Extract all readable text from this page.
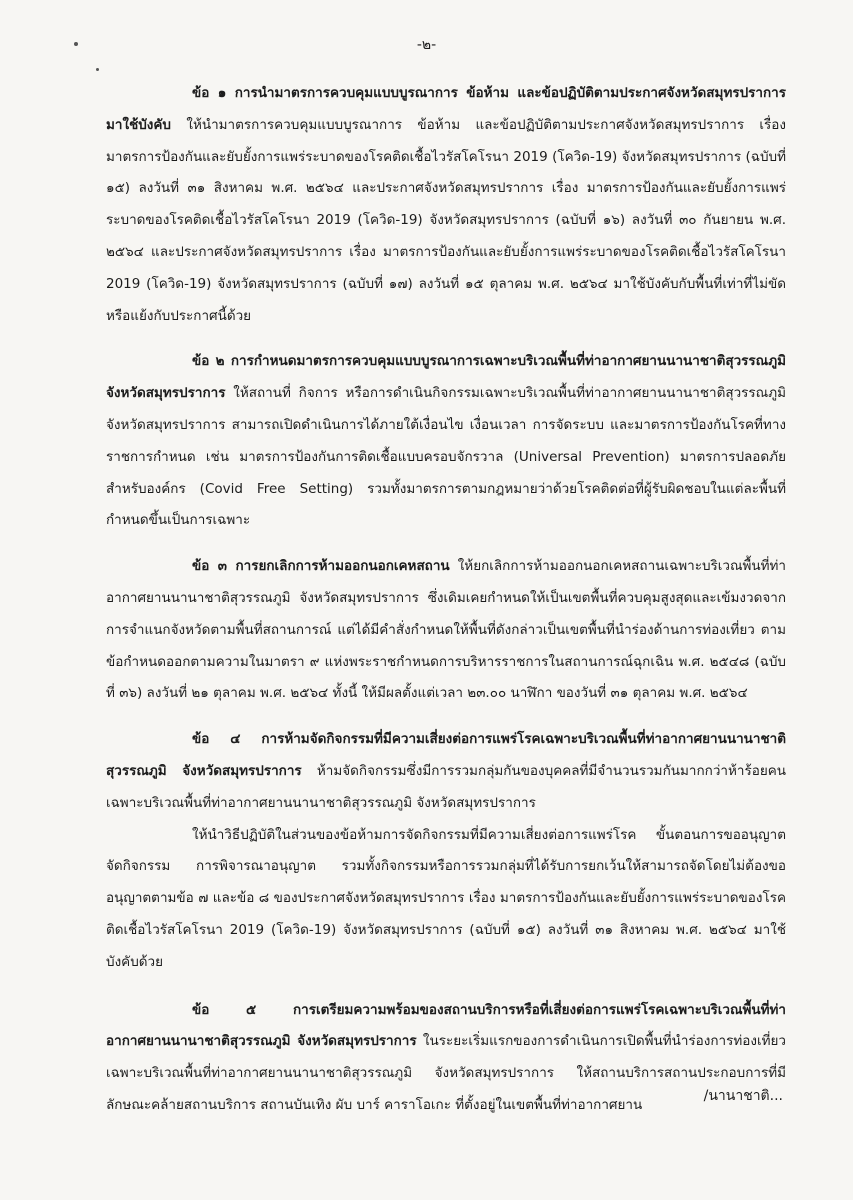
-๒-

ข้อ ๑ การนำมาตรการควบคุมแบบบูรณาการ ข้อห้าม และข้อปฏิบัติตามประกาศจังหวัดสมุทรปราการมาใช้บังคับ ให้นำมาตรการควบคุมแบบบูรณาการ ข้อห้าม และข้อปฏิบัติตามประกาศจังหวัดสมุทรปราการ เรื่อง มาตรการป้องกันและยับยั้งการแพร่ระบาดของโรคติดเชื้อไวรัสโคโรนา 2019 (โควิด-19) จังหวัดสมุทรปราการ (ฉบับที่ ๑๕) ลงวันที่ ๓๑ สิงหาคม พ.ศ. ๒๕๖๔ และประกาศจังหวัดสมุทรปราการ เรื่อง มาตรการป้องกันและยับยั้งการแพร่ระบาดของโรคติดเชื้อไวรัสโคโรนา 2019 (โควิด-19) จังหวัดสมุทรปราการ (ฉบับที่ ๑๖) ลงวันที่ ๓๐ กันยายน พ.ศ. ๒๕๖๔ และประกาศจังหวัดสมุทรปราการ เรื่อง มาตรการป้องกันและยับยั้งการแพร่ระบาดของโรคติดเชื้อไวรัสโคโรนา 2019 (โควิด-19) จังหวัดสมุทรปราการ (ฉบับที่ ๑๗) ลงวันที่ ๑๕ ตุลาคม พ.ศ. ๒๕๖๔ มาใช้บังคับกับพื้นที่เท่าที่ไม่ขัดหรือแย้งกับประกาศนี้ด้วย

ข้อ ๒ การกำหนดมาตรการควบคุมแบบบูรณาการเฉพาะบริเวณพื้นที่ท่าอากาศยานนานาชาติสุวรรณภูมิ จังหวัดสมุทรปราการ ให้สถานที่ กิจการ หรือการดำเนินกิจกรรมเฉพาะบริเวณพื้นที่ท่าอากาศยานนานาชาติสุวรรณภูมิ จังหวัดสมุทรปราการ สามารถเปิดดำเนินการได้ภายใต้เงื่อนไข เงื่อนเวลา การจัดระบบ และมาตรการป้องกันโรคที่ทางราชการกำหนด เช่น มาตรการป้องกันการติดเชื้อแบบครอบจักรวาล (Universal Prevention) มาตรการปลอดภัยสำหรับองค์กร (Covid Free Setting) รวมทั้งมาตรการตามกฎหมายว่าด้วยโรคติดต่อที่ผู้รับผิดชอบในแต่ละพื้นที่กำหนดขึ้นเป็นการเฉพาะ

ข้อ ๓ การยกเลิกการห้ามออกนอกเคหสถาน ให้ยกเลิกการห้ามออกนอกเคหสถานเฉพาะบริเวณพื้นที่ท่าอากาศยานนานาชาติสุวรรณภูมิ จังหวัดสมุทรปราการ ซึ่งเดิมเคยกำหนดให้เป็นเขตพื้นที่ควบคุมสูงสุดและเข้มงวดจากการจำแนกจังหวัดตามพื้นที่สถานการณ์ แต่ได้มีคำสั่งกำหนดให้พื้นที่ดังกล่าวเป็นเขตพื้นที่นำร่องด้านการท่องเที่ยว ตามข้อกำหนดออกตามความในมาตรา ๙ แห่งพระราชกำหนดการบริหารราชการในสถานการณ์ฉุกเฉิน พ.ศ. ๒๕๔๘ (ฉบับที่ ๓๖) ลงวันที่ ๒๑ ตุลาคม พ.ศ. ๒๕๖๔ ทั้งนี้ ให้มีผลตั้งแต่เวลา ๒๓.๐๐ นาฬิกา ของวันที่ ๓๑ ตุลาคม พ.ศ. ๒๕๖๔

ข้อ ๔ การห้ามจัดกิจกรรมที่มีความเสี่ยงต่อการแพร่โรคเฉพาะบริเวณพื้นที่ท่าอากาศยานนานาชาติสุวรรณภูมิ จังหวัดสมุทรปราการ ห้ามจัดกิจกรรมซึ่งมีการรวมกลุ่มกันของบุคคลที่มีจำนวนรวมกันมากกว่าห้าร้อยคนเฉพาะบริเวณพื้นที่ท่าอากาศยานนานาชาติสุวรรณภูมิ จังหวัดสมุทรปราการ

ให้นำวิธีปฏิบัติในส่วนของข้อห้ามการจัดกิจกรรมที่มีความเสี่ยงต่อการแพร่โรค ขั้นตอนการขออนุญาตจัดกิจกรรม การพิจารณาอนุญาต รวมทั้งกิจกรรมหรือการรวมกลุ่มที่ได้รับการยกเว้นให้สามารถจัดโดยไม่ต้องขออนุญาตตามข้อ ๗ และข้อ ๘ ของประกาศจังหวัดสมุทรปราการ เรื่อง มาตรการป้องกันและยับยั้งการแพร่ระบาดของโรคติดเชื้อไวรัสโคโรนา 2019 (โควิด-19) จังหวัดสมุทรปราการ (ฉบับที่ ๑๕) ลงวันที่ ๓๑ สิงหาคม พ.ศ. ๒๕๖๔ มาใช้บังคับด้วย

ข้อ ๕ การเตรียมความพร้อมของสถานบริการหรือที่เสี่ยงต่อการแพร่โรคเฉพาะบริเวณพื้นที่ท่าอากาศยานนานาชาติสุวรรณภูมิ จังหวัดสมุทรปราการ ในระยะเริ่มแรกของการดำเนินการเปิดพื้นที่นำร่องการท่องเที่ยวเฉพาะบริเวณพื้นที่ท่าอากาศยานนานาชาติสุวรรณภูมิ จังหวัดสมุทรปราการ ให้สถานบริการสถานประกอบการที่มีลักษณะคล้ายสถานบริการ สถานบันเทิง ผับ บาร์ คาราโอเกะ ที่ตั้งอยู่ในเขตพื้นที่ท่าอากาศยาน

/นานาชาติ...
